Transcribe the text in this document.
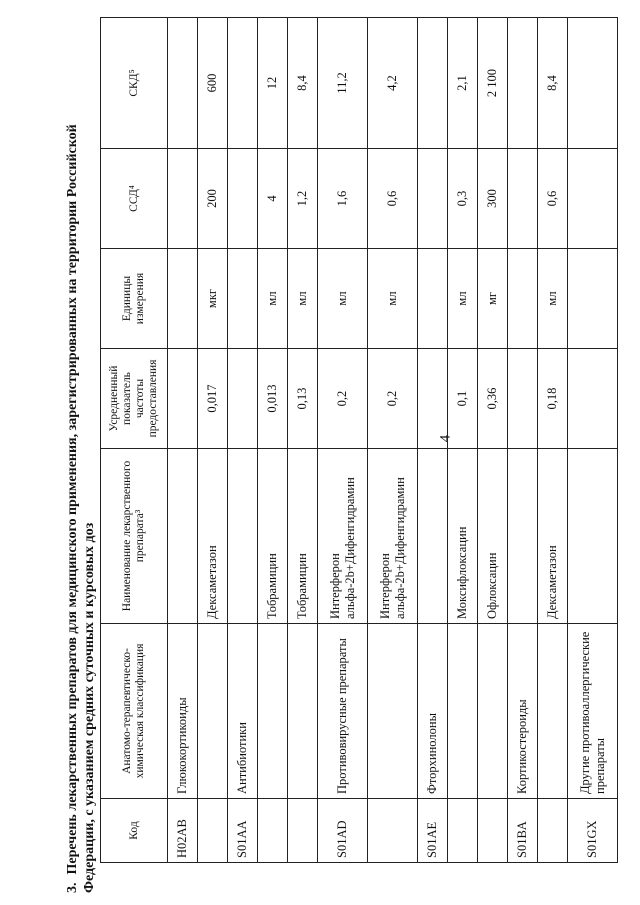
4
3.Перечень лекарственных препаратов для медицинского применения, зарегистрированных на территории Российской Федерации, с указанием средних суточных и курсовых доз	Код	Анатомо-терапевтическо-химическая классификация	Наименование лекарственного препарата³	Усредненный показатель частоты предоставления	Единицы измерения	ССД⁴	СКД⁵
H02AB	Глюкокортикоиды					
		Дексаметазон	0,017	мкг	200	600
S01AA	Антибиотики					
		Тобрамицин	0,013	мл	4	12
		Тобрамицин	0,13	мл	1,2	8,4
S01AD	Противовирусные препараты	Интерферон альфа-2b+Дифенгидрамин	0,2	мл	1,6	11,2
		Интерферон альфа-2b+Дифенгидрамин	0,2	мл	0,6	4,2
S01AE	Фторхинолоны					
		Моксифлоксацин	0,1	мл	0,3	2,1
		Офлоксацин	0,36	мг	300	2 100
S01BA	Кортикостероиды					
		Дексаметазон	0,18	мл	0,6	8,4
S01GX	Другие противоаллергические препараты					
